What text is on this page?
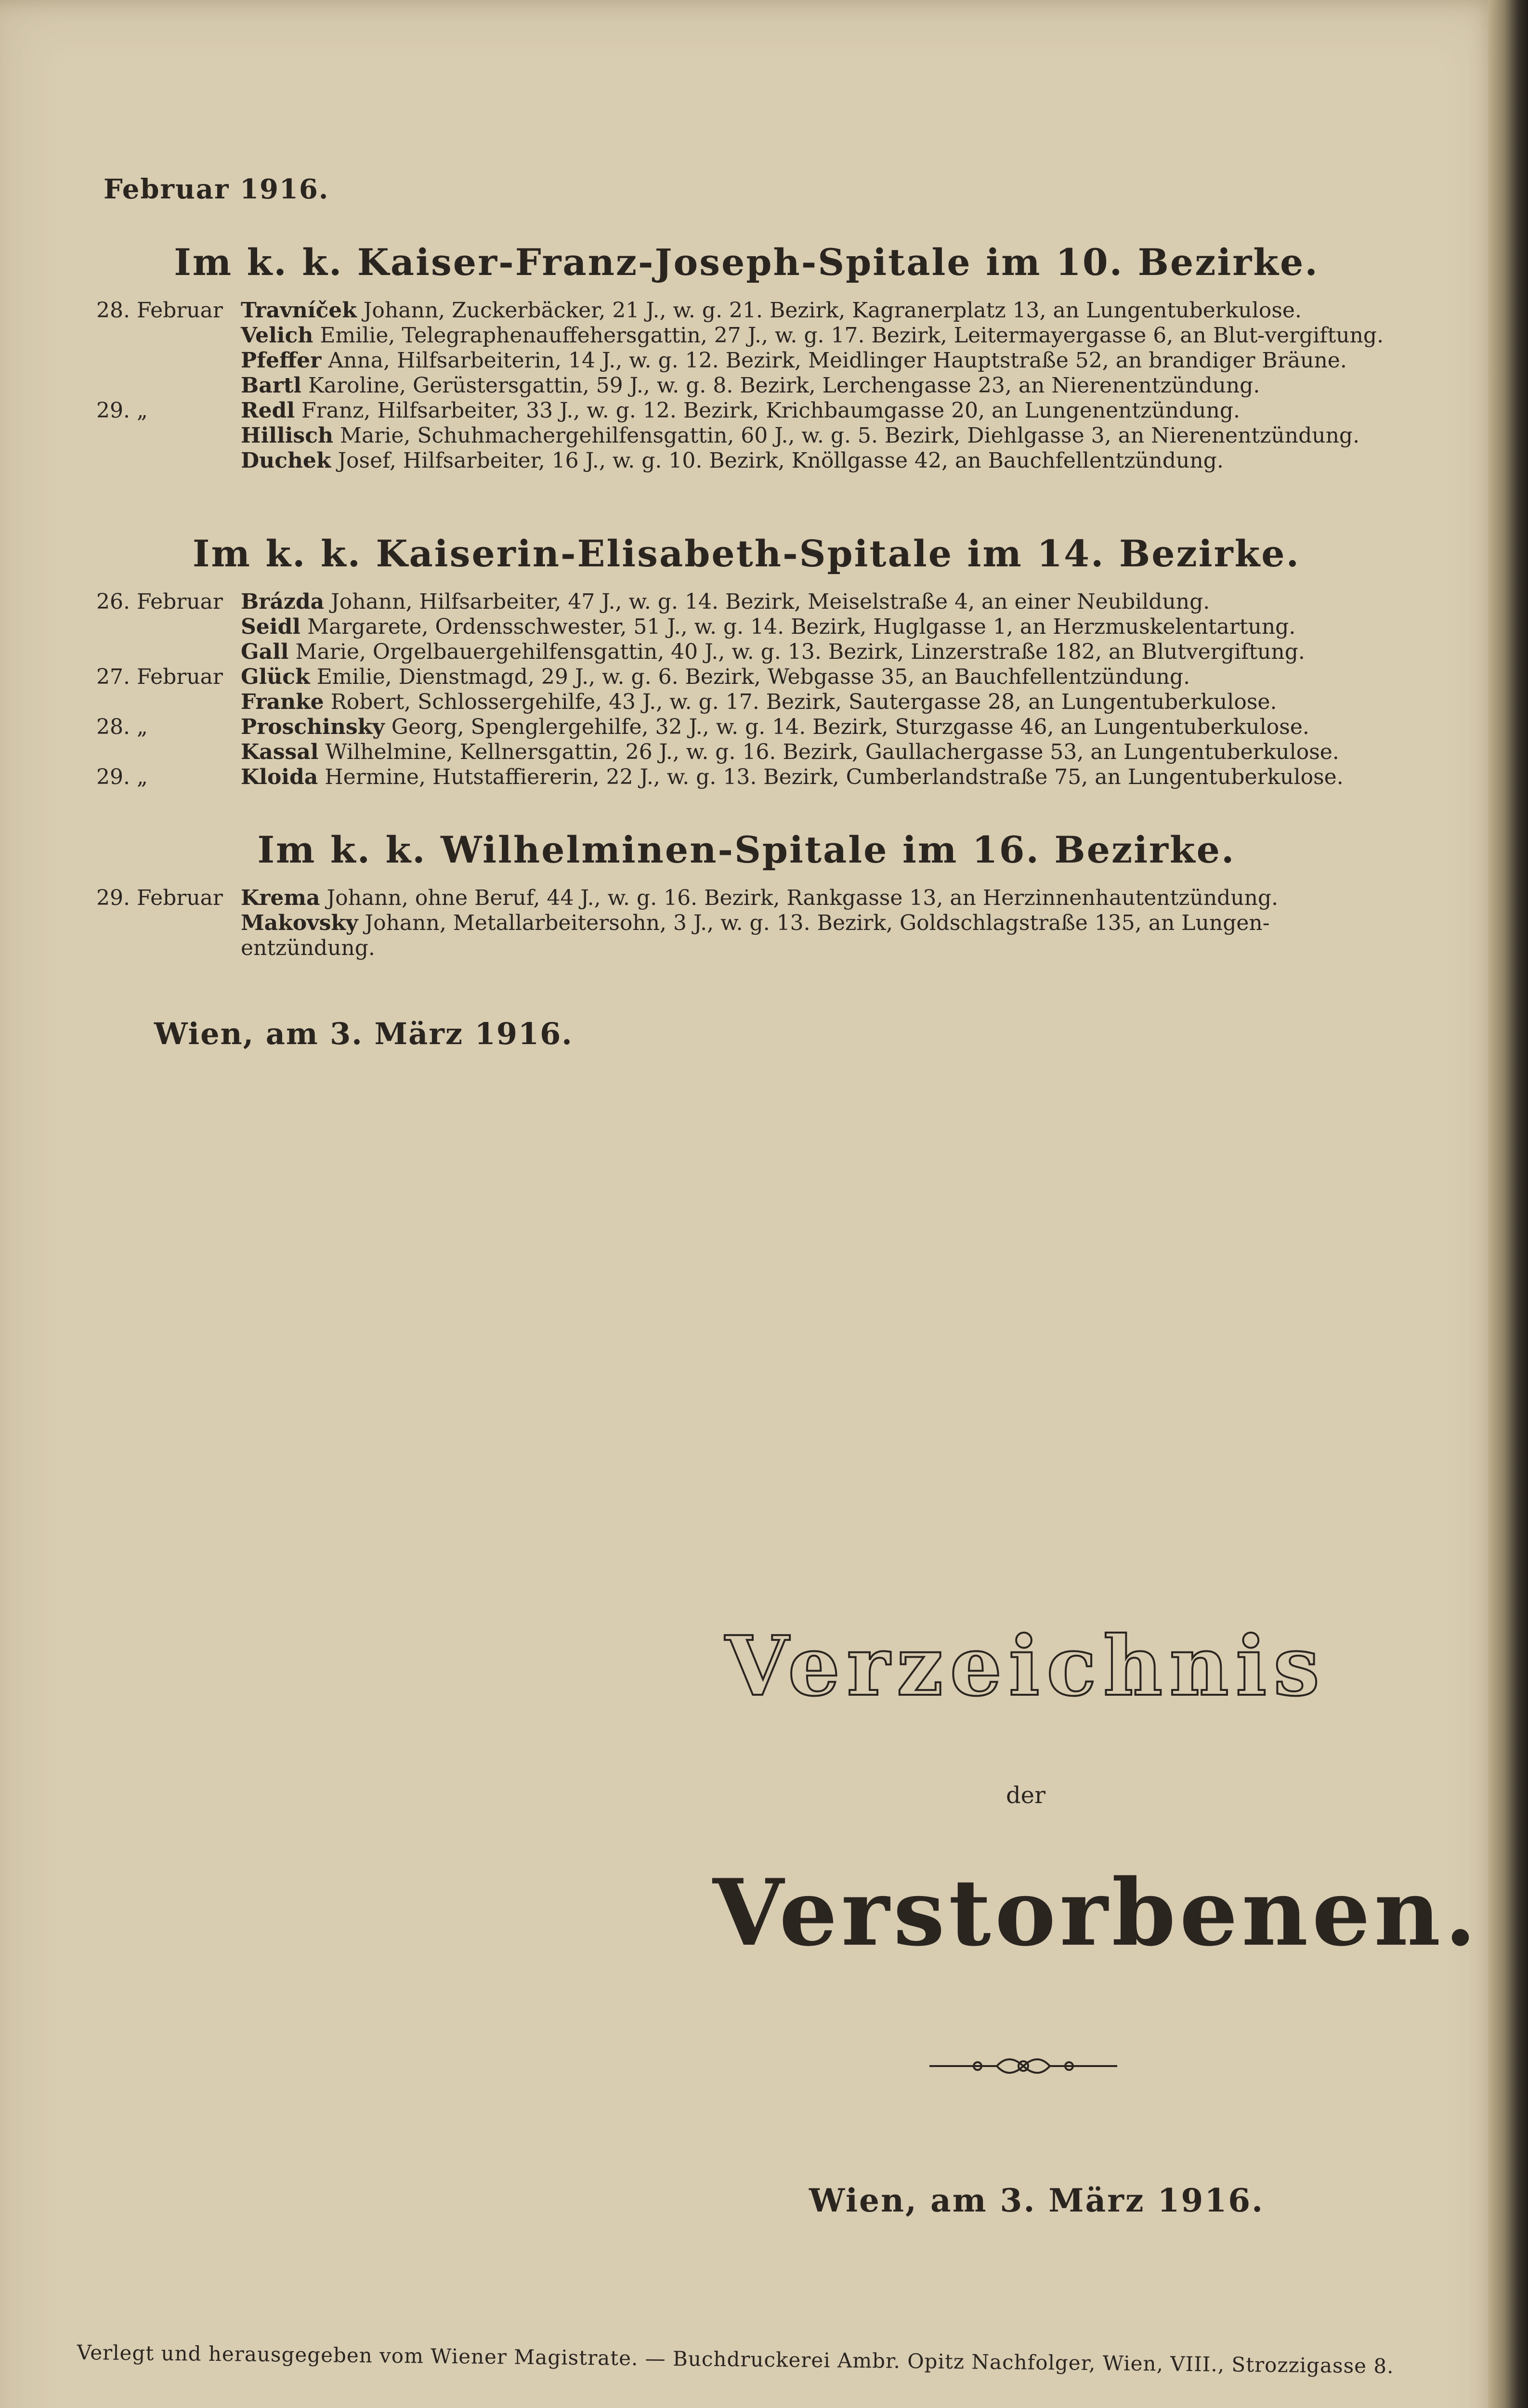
Februar 1916.
Im k. k. Kaiser-Franz-Joseph-Spitale im 10. Bezirke.
28. Februar Travníček Johann, Zuckerbäcker, 21 J., w. g. 21. Bezirk, Kagranerplatz 13, an Lungentuberkulose.
Velich Emilie, Telegraphenauffehersgattin, 27 J., w. g. 17. Bezirk, Leitermayergasse 6, an Blut-vergiftung.
Pfeffer Anna, Hilfsarbeiterin, 14 J., w. g. 12. Bezirk, Meidlinger Hauptstraße 52, an brandiger Bräune.
Bartl Karoline, Gerüstersgattin, 59 J., w. g. 8. Bezirk, Lerchengasse 23, an Nierenentzündung.
29. „	Redl Franz, Hilfsarbeiter, 33 J., w. g. 12. Bezirk, Krichbaumgasse 20, an Lungenentzündung.
Hillisch Marie, Schuhmachergehilfensgattin, 60 J., w. g. 5. Bezirk, Diehlgasse 3, an Nierenentzündung.
Duchek Josef, Hilfsarbeiter, 16 J., w. g. 10. Bezirk, Knöllgasse 42, an Bauchfellentzündung.
Im k. k. Kaiserin-Elisabeth-Spitale im 14. Bezirke.
26. Februar Brázda Johann, Hilfsarbeiter, 47 J., w. g. 14. Bezirk, Meiselstraße 4, an einer Neubildung.
Seidl Margarete, Ordensschwester, 51 J., w. g. 14. Bezirk, Huglgasse 1, an Herzmuskelentartung.
Gall Marie, Orgelbauergehilfensgattin, 40 J., w. g. 13. Bezirk, Linzerstraße 182, an Blutvergiftung.
27. Februar Glück Emilie, Dienstmagd, 29 J., w. g. 6. Bezirk, Webgasse 35, an Bauchfellentzündung.
Franke Robert, Schlossergehilfe, 43 J., w. g. 17. Bezirk, Sautergasse 28, an Lungentuberkulose.
28. „	Proschinsky Georg, Spenglergehilfe, 32 J., w. g. 14. Bezirk, Sturzgasse 46, an Lungentuberkulose.
Kassal Wilhelmine, Kellnersgattin, 26 J., w. g. 16. Bezirk, Gaullachergasse 53, an Lungentuberkulose.
29. „	Kloida Hermine, Hutstaffiererin, 22 J., w. g. 13. Bezirk, Cumberlandstraße 75, an Lungentuberkulose.
Im k. k. Wilhelminen-Spitale im 16. Bezirke.
29. Februar Krema Johann, ohne Beruf, 44 J., w. g. 16. Bezirk, Rankgasse 13, an Herzinnenhautentzündung.
Makovsky Johann, Metallarbeitersohn, 3 J., w. g. 13. Bezirk, Goldschlagstraße 135, an Lungen-entzündung.
Wien, am 3. März 1916.
Verzeichnis
der
Verstorbenen.
Wien, am 3. März 1916.
Verlegt und herausgegeben vom Wiener Magistrate. — Buchdruckerei Ambr. Opitz Nachfolger, Wien, VIII., Strozzigasse 8.
